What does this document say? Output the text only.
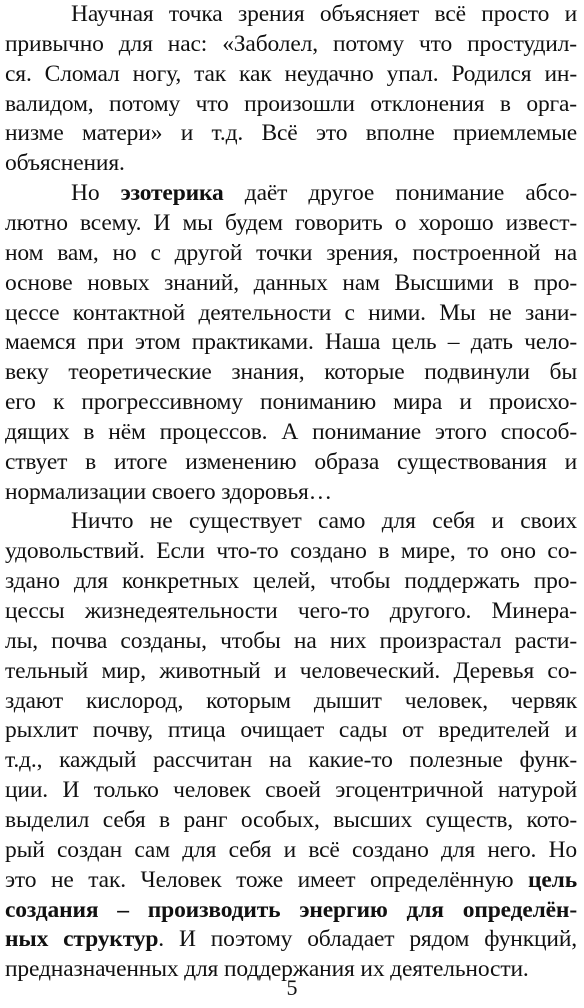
Научная точка зрения объясняет всё просто и
привычно для нас: «Заболел, потому что простудил-
ся. Сломал ногу, так как неудачно упал. Родился ин-
валидом, потому что произошли отклонения в орга-
низме матери» и т.д. Всё это вполне приемлемые
объяснения.
Но эзотерика даёт другое понимание абсо-
лютно всему. И мы будем говорить о хорошо извест-
ном вам, но с другой точки зрения, построенной на
основе новых знаний, данных нам Высшими в про-
цессе контактной деятельности с ними. Мы не зани-
маемся при этом практиками. Наша цель – дать чело-
веку теоретические знания, которые подвинули бы
его к прогрессивному пониманию мира и происхо-
дящих в нём процессов. А понимание этого способ-
ствует в итоге изменению образа существования и
нормализации своего здоровья…
Ничто не существует само для себя и своих
удовольствий. Если что-то создано в мире, то оно со-
здано для конкретных целей, чтобы поддержать про-
цессы жизнедеятельности чего-то другого. Минера-
лы, почва созданы, чтобы на них произрастал расти-
тельный мир, животный и человеческий. Деревья со-
здают кислород, которым дышит человек, червяк
рыхлит почву, птица очищает сады от вредителей и
т.д., каждый рассчитан на какие-то полезные функ-
ции. И только человек своей эгоцентричной натурой
выделил себя в ранг особых, высших существ, кото-
рый создан сам для себя и всё создано для него. Но
это не так. Человек тоже имеет определённую цель
создания – производить энергию для определён-
ных структур. И поэтому обладает рядом функций,
предназначенных для поддержания их деятельности.
5
